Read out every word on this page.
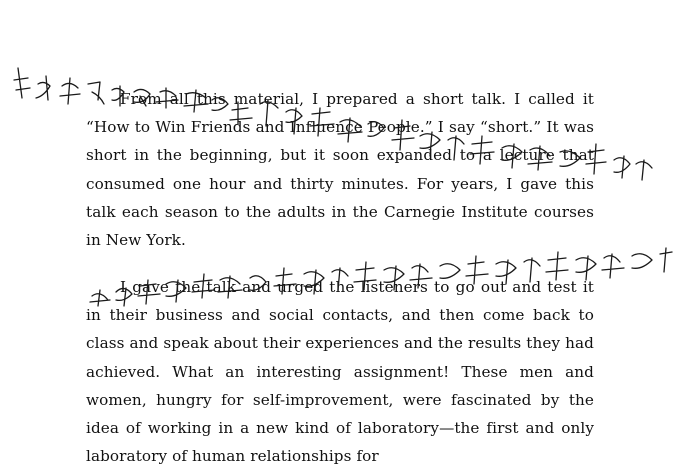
From all this material, I prepared a short talk. I called it “How to Win Friends and Influence People.” I say “short.” It was short in the beginning, but it soon expanded to a lecture that consumed one hour and thirty minutes. For years, I gave this talk each season to the adults in the Carnegie Institute courses in New York.

I gave the talk and urged the listeners to go out and test it in their business and social contacts, and then come back to class and speak about their experiences and the results they had achieved. What an interesting assignment! These men and women, hungry for self-improvement, were fascinated by the idea of working in a new kind of laboratory—the first and only laboratory of human relationships for
